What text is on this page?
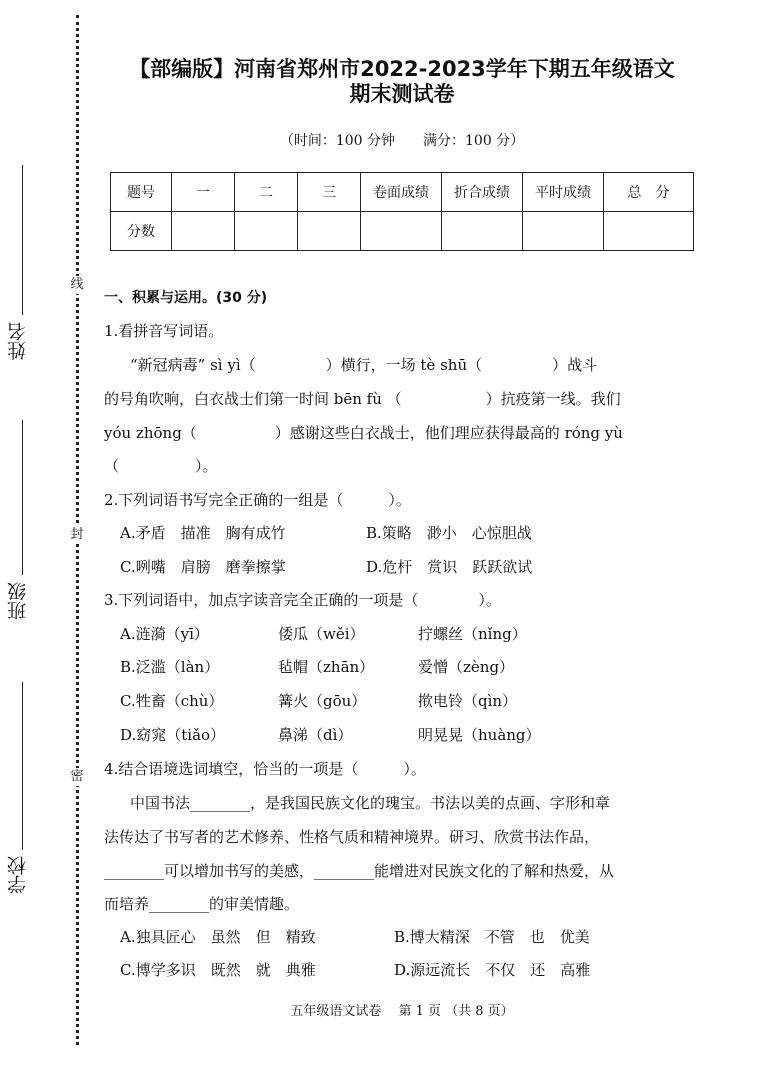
线
封
密
姓名
班级
学校
【部编版】河南省郑州市2022-2023学年下期五年级语文
期末测试卷
（时间：100 分钟　　满分：100 分）
题号	一	二	三	卷面成绩	折合成绩	平时成绩	总　分
分数							
一、积累与运用。(30 分)
1.看拼音写词语。
“新冠病毒” sì yì（	）横行，一场 tè shū（	）战斗
的号角吹响，白衣战士们第一时间 bēn fù （	）抗疫第一线。我们
yóu zhōng（	）感谢这些白衣战士，他们理应获得最高的 róng yù
（	）。
2.下列词语书写完全正确的一组是（　　　）。
A.矛盾　描准　胸有成竹	B.策略　渺小　心惊胆战
C.咧嘴　肩膀　磨拳擦掌	D.危杆　赏识　跃跃欲试
3.下列词语中，加点字读音完全正确的一项是（　　　　）。
A.涟漪（yī）	倭瓜（wěi）	拧螺丝（nǐng）
B.泛滥（làn）	毡帽（zhān）	爱憎（zèng）
C.牲畜（chù）	篝火（gōu）	揿电铃（qìn）
D.窈窕（tiǎo）	鼻涕（dì）	明晃晃（huàng）
4.结合语境选词填空，恰当的一项是（　　　）。
中国书法________，是我国民族文化的瑰宝。书法以美的点画、字形和章
法传达了书写者的艺术修养、性格气质和精神境界。研习、欣赏书法作品，
________可以增加书写的美感，________能增进对民族文化的了解和热爱，从
而培养________的审美情趣。
A.独具匠心　虽然　但　精致	B.博大精深　不管　也　优美
C.博学多识　既然　就　典雅	D.源远流长　不仅　还　高雅
五年级语文试卷　 第 1 页 （共 8 页）
